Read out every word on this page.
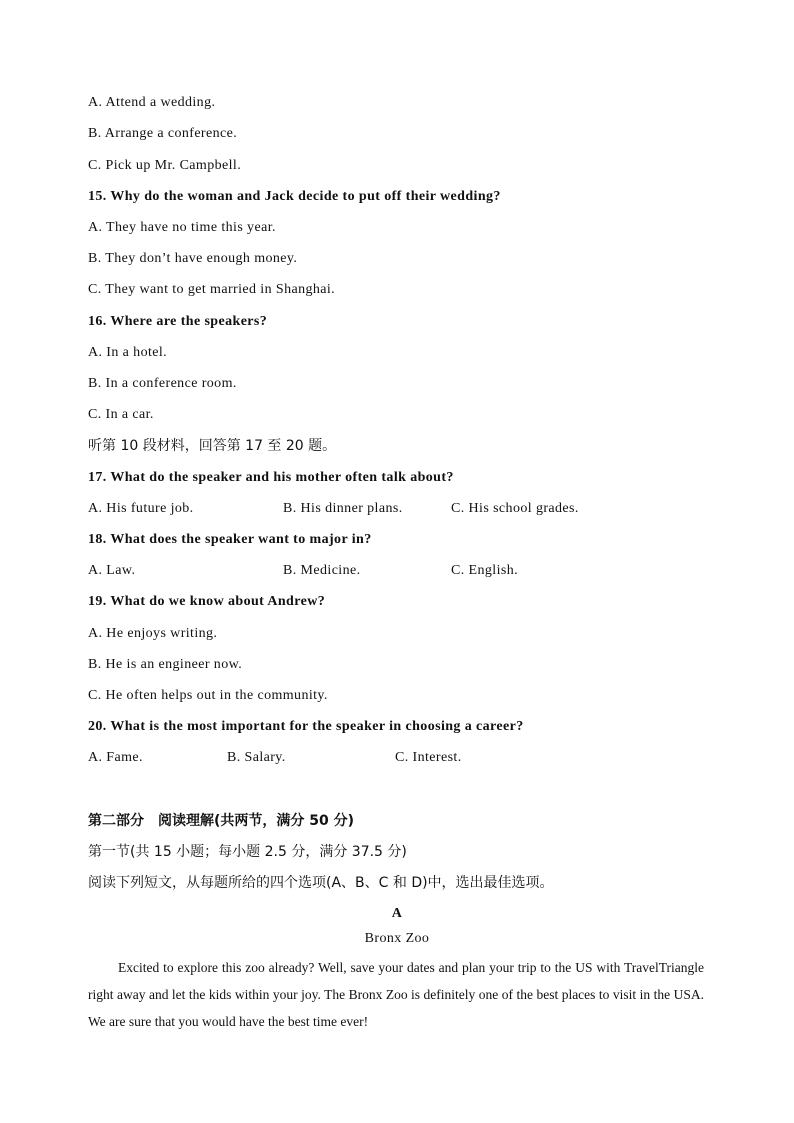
A. Attend a wedding.
B. Arrange a conference.
C. Pick up Mr. Campbell.
15. Why do the woman and Jack decide to put off their wedding?
A. They have no time this year.
B. They don’t have enough money.
C. They want to get married in Shanghai.
16. Where are the speakers?
A. In a hotel.
B. In a conference room.
C. In a car.
听第 10 段材料，回答第 17 至 20 题。
17. What do the speaker and his mother often talk about?
A. His future job.	B. His dinner plans.	C. His school grades.
18. What does the speaker want to major in?
A. Law.	B. Medicine.	C. English.
19. What do we know about Andrew?
A. He enjoys writing.
B. He is an engineer now.
C. He often helps out in the community.
20. What is the most important for the speaker in choosing a career?
A. Fame.	B. Salary.	C. Interest.
第二部分　阅读理解(共两节，满分 50 分)
第一节(共 15 小题；每小题 2.5 分，满分 37.5 分)
阅读下列短文，从每题所给的四个选项(A、B、C 和 D)中，选出最佳选项。
A
Bronx Zoo
Excited to explore this zoo already? Well, save your dates and plan your trip to the US with TravelTriangle right away and let the kids within your joy. The Bronx Zoo is definitely one of the best places to visit in the USA. We are sure that you would have the best time ever!
